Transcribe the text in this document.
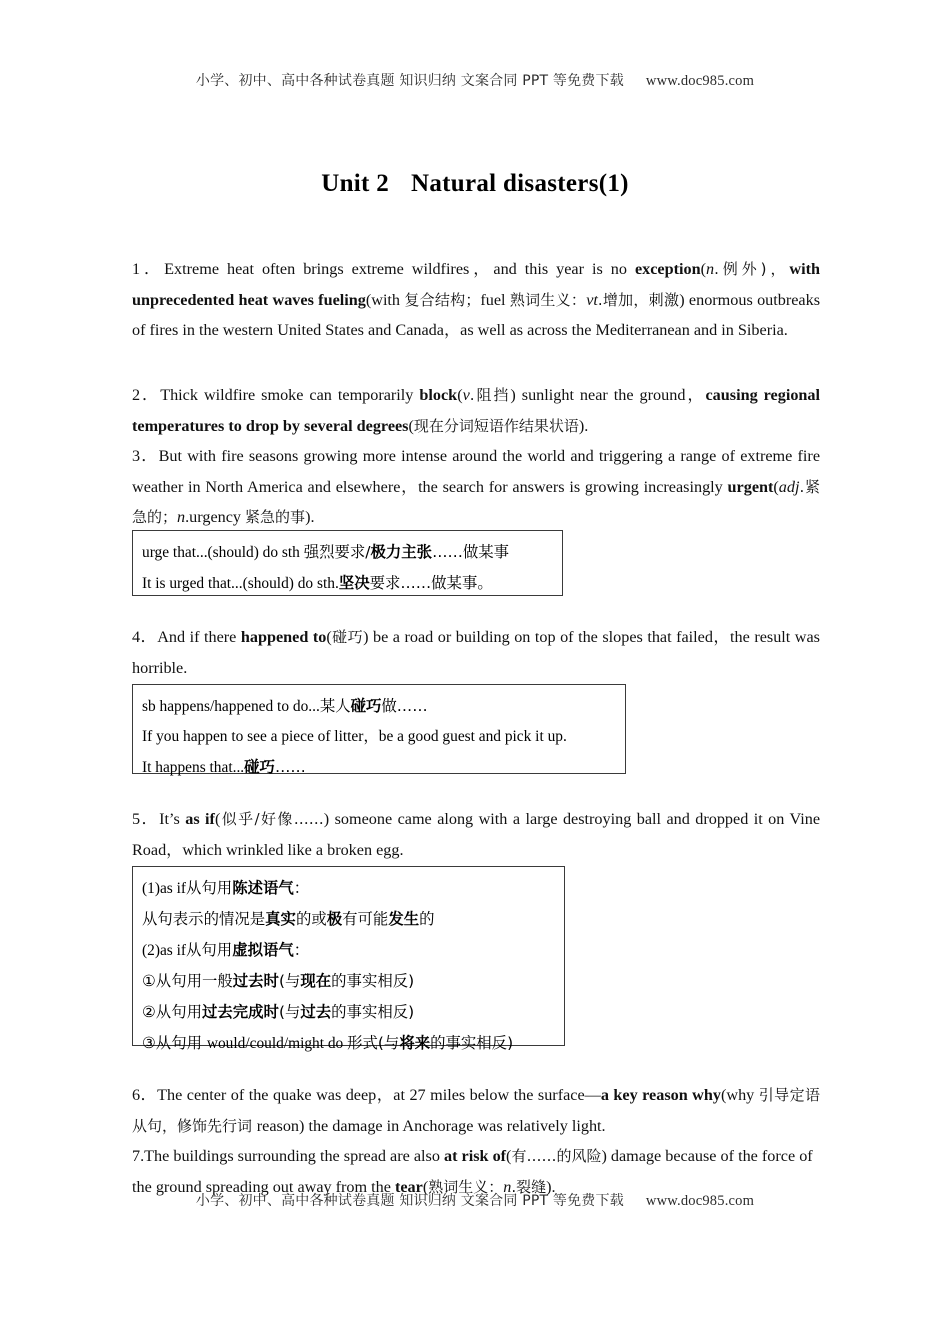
小学、初中、高中各种试卷真题 知识归纳 文案合同 PPT 等免费下载 www.doc985.com
Unit 2 Natural disasters(1)

1．Extreme heat often brings extreme wildfires，and this year is no exception(n.例外)，with unprecedented heat waves fueling(with 复合结构；fuel 熟词生义：vt.增加，刺激) enormous outbreaks of fires in the western United States and Canada，as well as across the Mediterranean and in Siberia.

2．Thick wildfire smoke can temporarily block(v.阻挡) sunlight near the ground，causing regional temperatures to drop by several degrees(现在分词短语作结果状语).

3．But with fire seasons growing more intense around the world and triggering a range of extreme fire weather in North America and elsewhere，the search for answers is growing increasingly urgent(adj.紧急的；n.urgency 紧急的事).

urge that...(should) do sth 强烈要求/极力主张……做某事

It is urged that...(should) do sth.坚决要求……做某事。

4．And if there happened to(碰巧) be a road or building on top of the slopes that failed，the result was horrible.

sb happens/happened to do...某人碰巧做……

If you happen to see a piece of litter，be a good guest and pick it up.

It happens that...碰巧……

5．It’s as if(似乎/好像……) someone came along with a large destroying ball and dropped it on Vine Road，which wrinkled like a broken egg.

(1)as if从句用陈述语气：

从句表示的情况是真实的或极有可能发生的

(2)as if从句用虚拟语气：

①从句用一般过去时(与现在的事实相反)

②从句用过去完成时(与过去的事实相反)

③从句用 would/could/might do 形式(与将来的事实相反)

6．The center of the quake was deep，at 27 miles below the surface—a key reason why(why 引导定语从句，修饰先行词 reason) the damage in Anchorage was relatively light.

7.The buildings surrounding the spread are also at risk of(有……的风险) damage because of the force of the ground spreading out away from the tear(熟词生义：n.裂缝).

小学、初中、高中各种试卷真题 知识归纳 文案合同 PPT 等免费下载 www.doc985.com
